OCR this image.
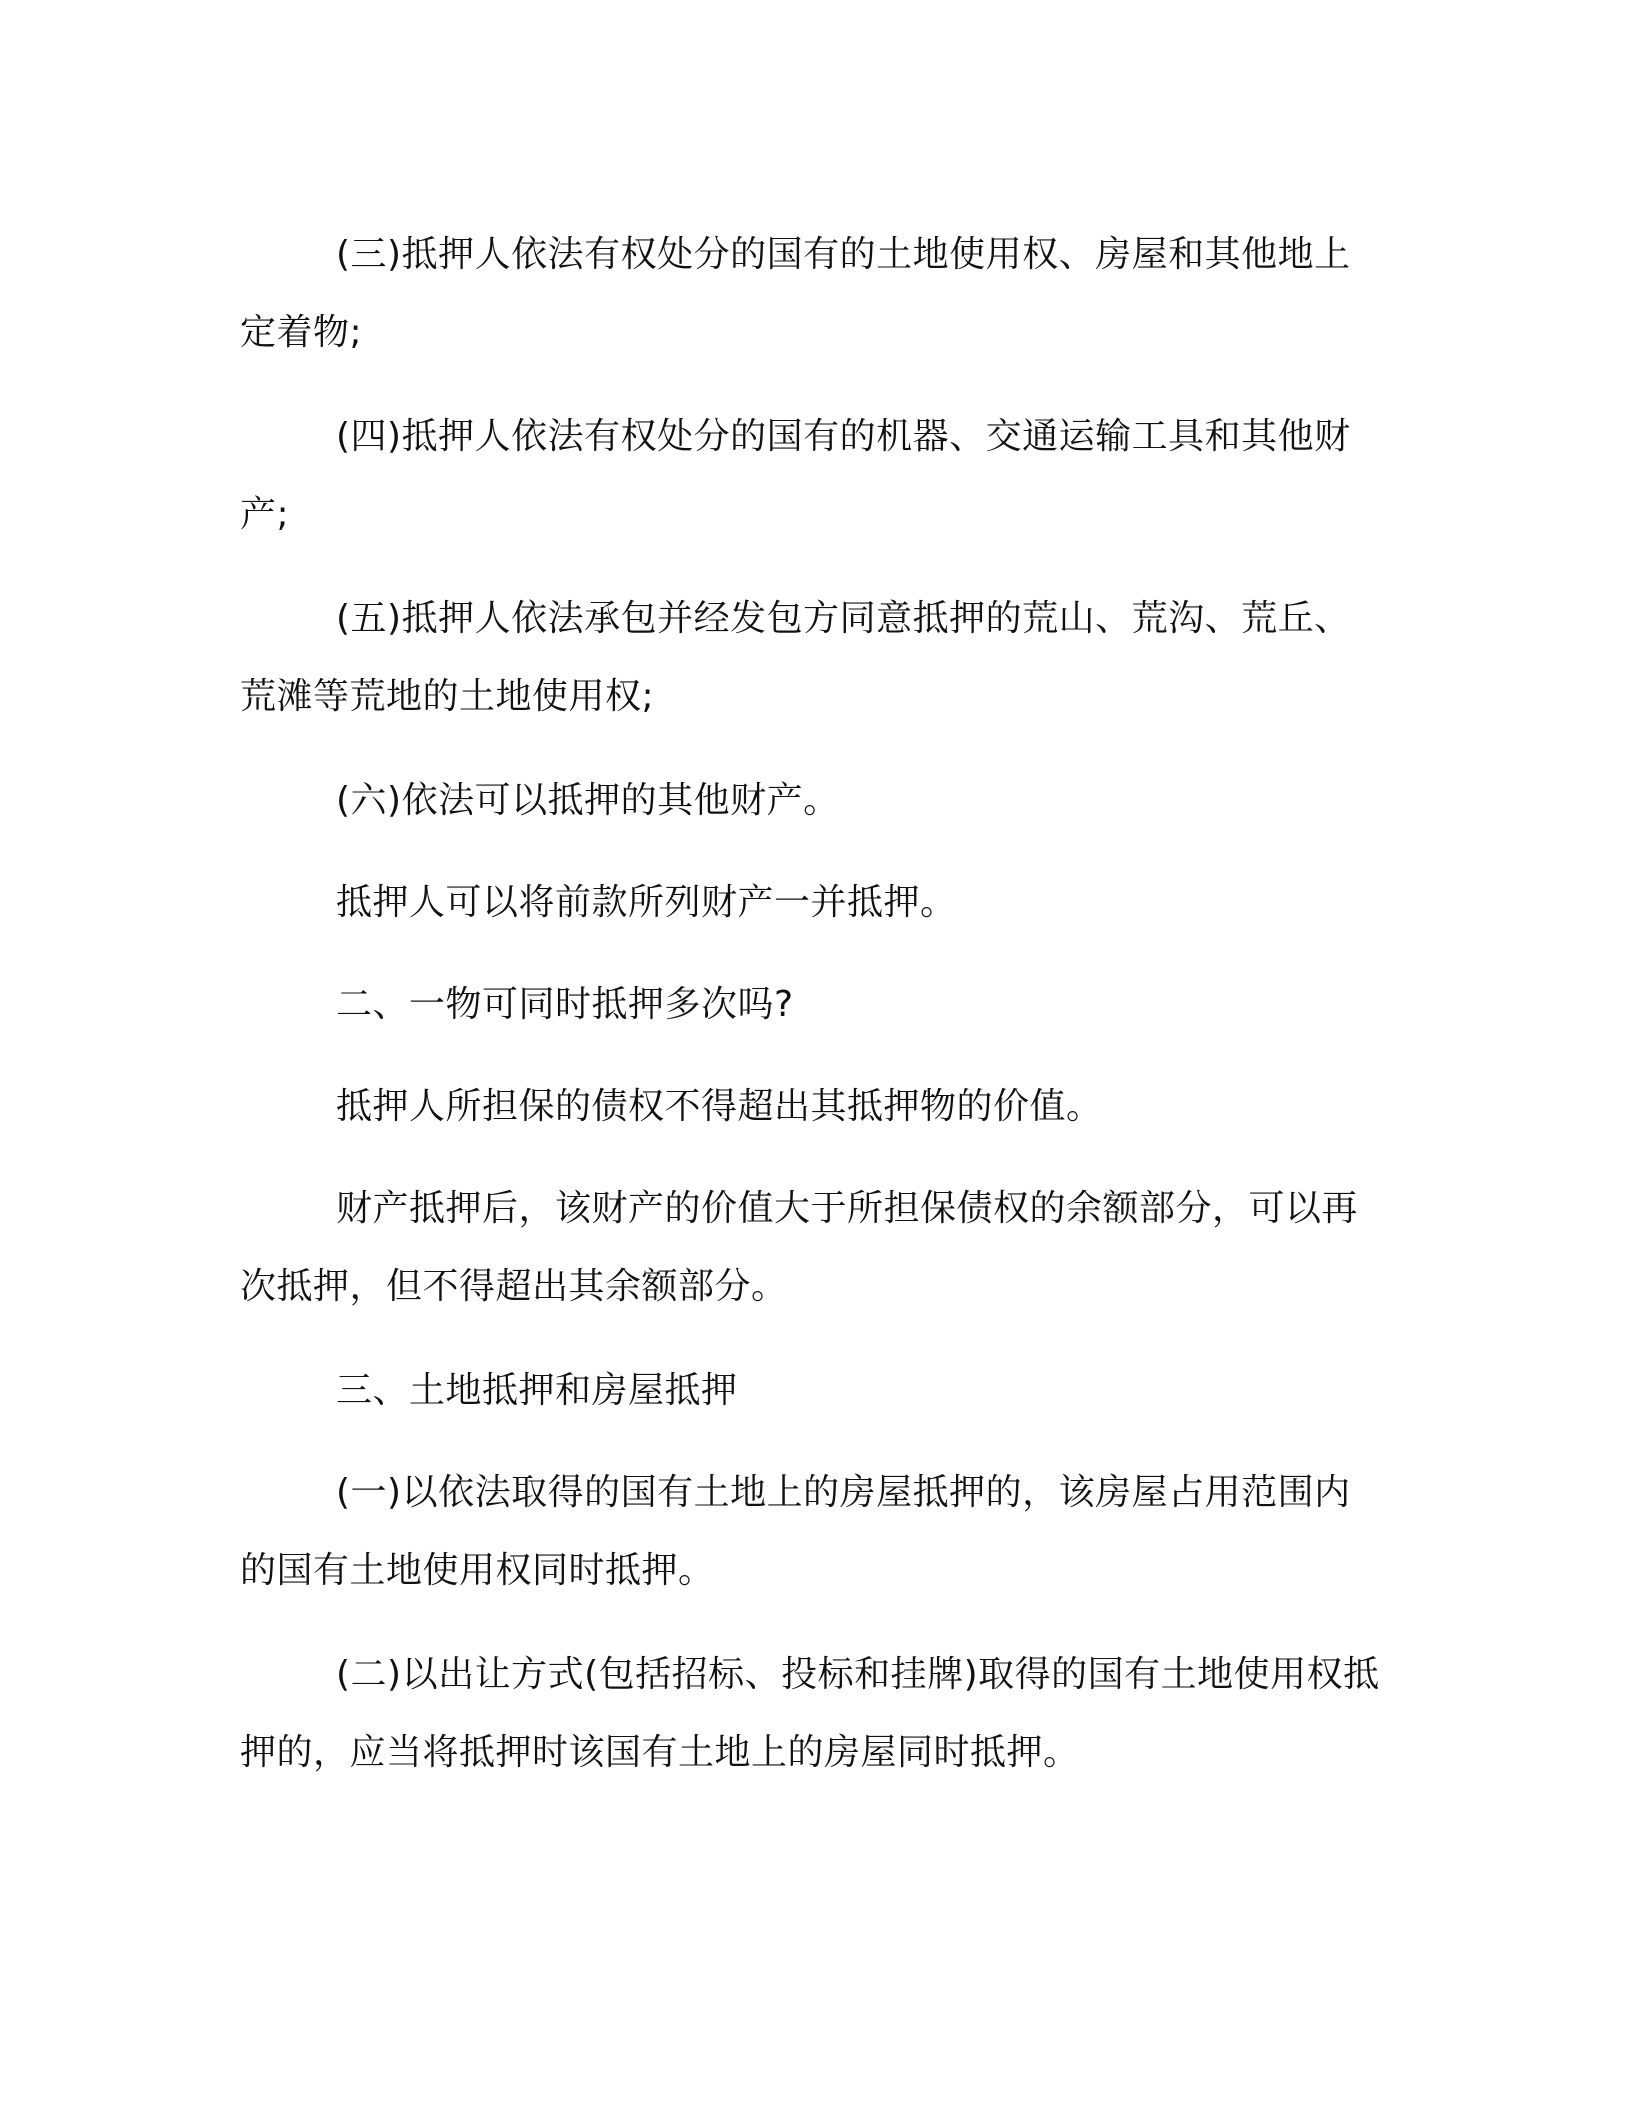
(三)抵押人依法有权处分的国有的土地使用权、房屋和其他地上定着物;

(四)抵押人依法有权处分的国有的机器、交通运输工具和其他财产;

(五)抵押人依法承包并经发包方同意抵押的荒山、荒沟、荒丘、荒滩等荒地的土地使用权;

(六)依法可以抵押的其他财产。

抵押人可以将前款所列财产一并抵押。

二、一物可同时抵押多次吗?

抵押人所担保的债权不得超出其抵押物的价值。

财产抵押后，该财产的价值大于所担保债权的余额部分，可以再次抵押，但不得超出其余额部分。

三、土地抵押和房屋抵押

(一)以依法取得的国有土地上的房屋抵押的，该房屋占用范围内的国有土地使用权同时抵押。

(二)以出让方式(包括招标、投标和挂牌)取得的国有土地使用权抵押的，应当将抵押时该国有土地上的房屋同时抵押。
